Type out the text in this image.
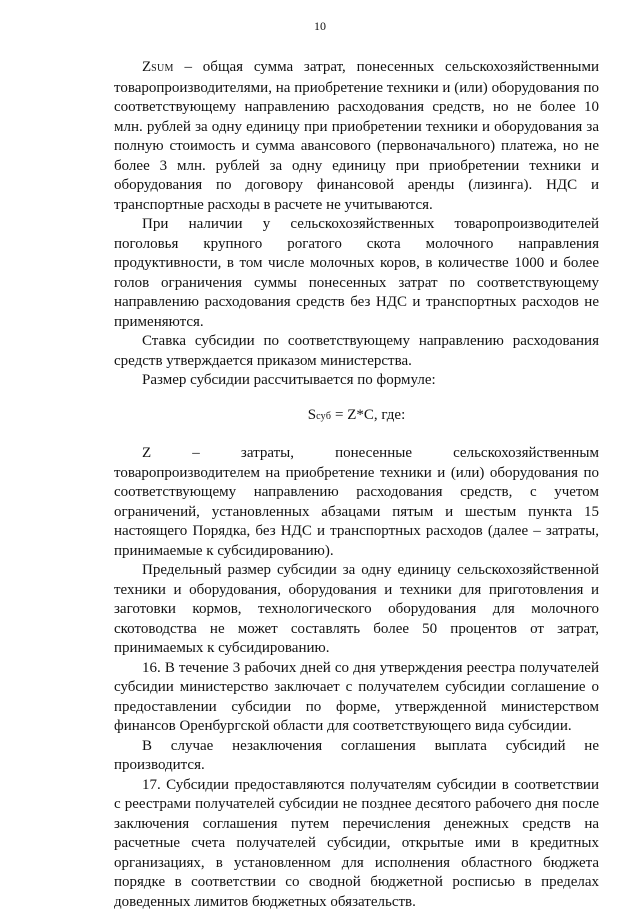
10

ZSUM – общая сумма затрат, понесенных сельскохозяйственными товаропроизводителями, на приобретение техники и (или) оборудования по соответствующему направлению расходования средств, но не более 10 млн. рублей за одну единицу при приобретении техники и оборудования за полную стоимость и сумма авансового (первоначального) платежа, но не более 3 млн. рублей за одну единицу при приобретении техники и оборудования по договору финансовой аренды (лизинга). НДС и транспортные расходы в расчете не учитываются.

При наличии у сельскохозяйственных товаропроизводителей поголовья крупного рогатого скота молочного направления продуктивности, в том числе молочных коров, в количестве 1000 и более голов ограничения суммы понесенных затрат по соответствующему направлению расходования средств без НДС и транспортных расходов не применяются.

Ставка субсидии по соответствующему направлению расходования средств утверждается приказом министерства.

Размер субсидии рассчитывается по формуле:

Sсуб = Z*C, где:

Z – затраты, понесенные сельскохозяйственным товаропроизводителем на приобретение техники и (или) оборудования по соответствующему направлению расходования средств, с учетом ограничений, установленных абзацами пятым и шестым пункта 15 настоящего Порядка, без НДС и транспортных расходов (далее – затраты, принимаемые к субсидированию).

Предельный размер субсидии за одну единицу сельскохозяйственной техники и оборудования, оборудования и техники для приготовления и заготовки кормов, технологического оборудования для молочного скотоводства не может составлять более 50 процентов от затрат, принимаемых к субсидированию.

16. В течение 3 рабочих дней со дня утверждения реестра получателей субсидии министерство заключает с получателем субсидии соглашение о предоставлении субсидии по форме, утвержденной министерством финансов Оренбургской области для соответствующего вида субсидии.

В случае незаключения соглашения выплата субсидий не производится.

17. Субсидии предоставляются получателям субсидии в соответствии с реестрами получателей субсидии не позднее десятого рабочего дня после заключения соглашения путем перечисления денежных средств на расчетные счета получателей субсидии, открытые ими в кредитных организациях, в установленном для исполнения областного бюджета порядке в соответствии со сводной бюджетной росписью в пределах доведенных лимитов бюджетных обязательств.
